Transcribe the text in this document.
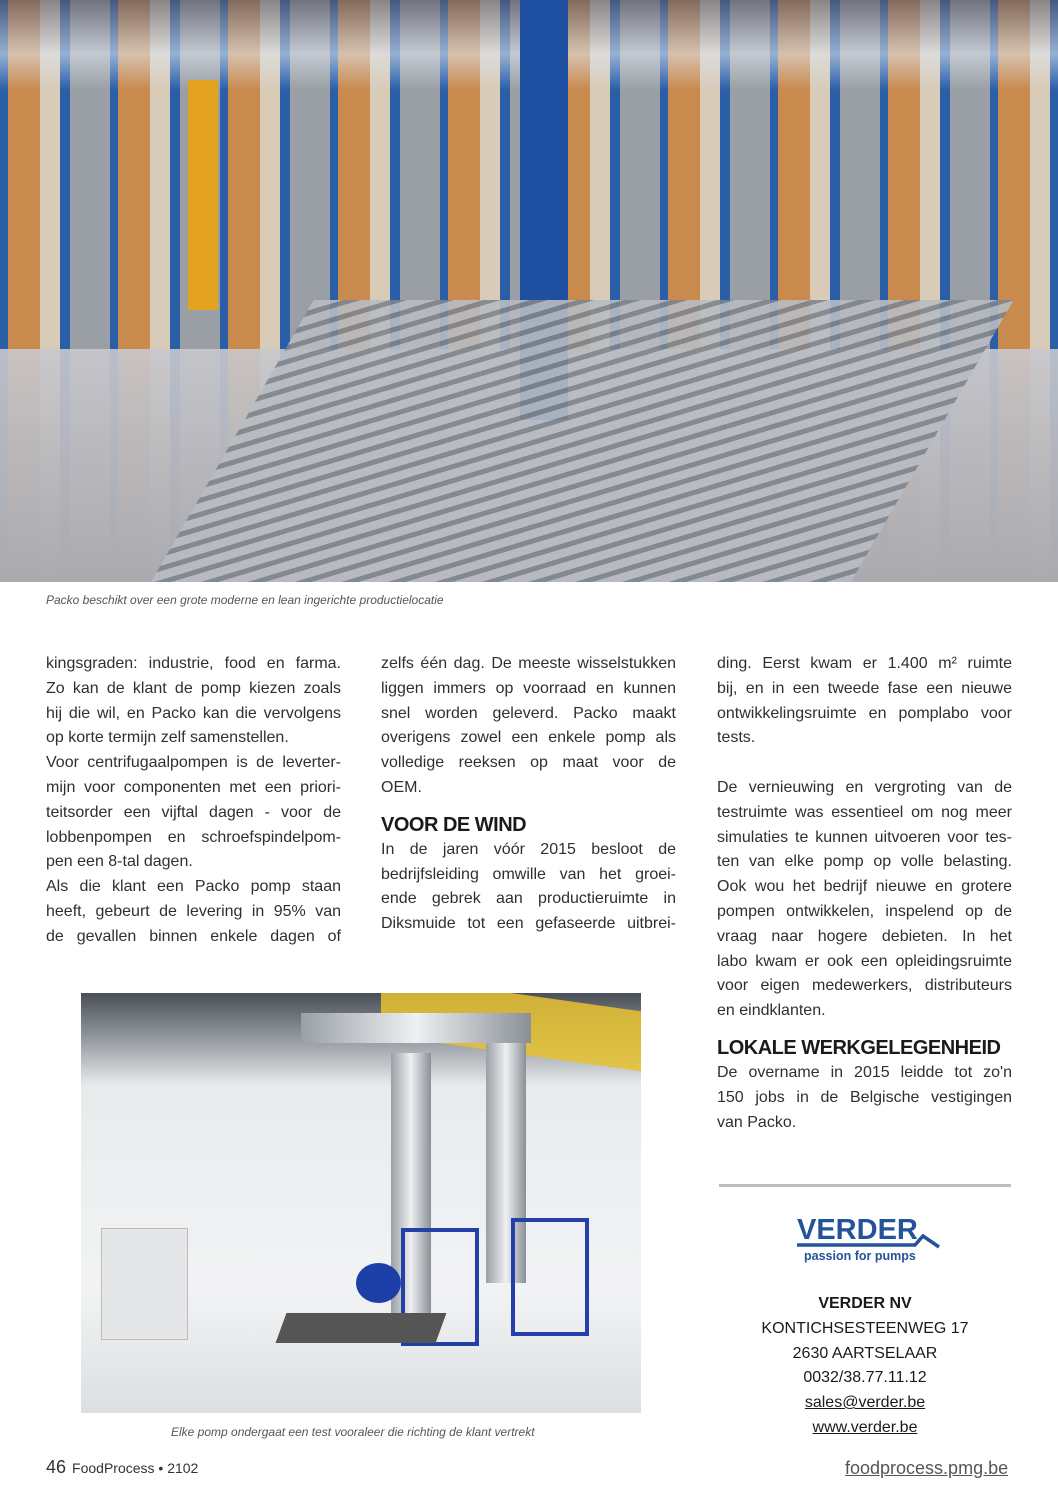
Packo beschikt over een grote moderne en lean ingerichte productielocatie
kingsgraden: industrie, food en farma.
Zo kan de klant de pomp kiezen zoals
hij die wil, en Packo kan die vervolgens
op korte termijn zelf samenstellen.
Voor centrifugaalpompen is de leverter-
mijn voor componenten met een priori-
teitsorder een vijftal dagen - voor de
lobbenpompen en schroefspindelpom-
pen een 8-tal dagen.
Als die klant een Packo pomp staan
heeft, gebeurt de levering in 95% van
de gevallen binnen enkele dagen of
zelfs één dag. De meeste wisselstukken
liggen immers op voorraad en kunnen
snel worden geleverd. Packo maakt
overigens zowel een enkele pomp als
volledige reeksen op maat voor de
OEM.
VOOR DE WIND
In de jaren vóór 2015 besloot de
bedrijfsleiding omwille van het groei-
ende gebrek aan productieruimte in
Diksmuide tot een gefaseerde uitbrei-
ding. Eerst kwam er 1.400 m² ruimte
bij, en in een tweede fase een nieuwe
ontwikkelingsruimte en pomplabo voor
tests.
De vernieuwing en vergroting van de
testruimte was essentieel om nog meer
simulaties te kunnen uitvoeren voor tes-
ten van elke pomp op volle belasting.
Ook wou het bedrijf nieuwe en grotere
pompen ontwikkelen, inspelend op de
vraag naar hogere debieten. In het
labo kwam er ook een opleidingsruimte
voor eigen medewerkers, distributeurs
en eindklanten.
LOKALE WERKGELEGENHEID
De overname in 2015 leidde tot zo'n
150 jobs in de Belgische vestigingen
van Packo.
Elke pomp ondergaat een test vooraleer die richting de klant vertrekt
VERDER
passion for pumps
VERDER NV
KONTICHSESTEENWEG 17
2630 AARTSELAAR
0032/38.77.11.12
sales@verder.be
www.verder.be
46 FoodProcess • 2102	foodprocess.pmg.be
